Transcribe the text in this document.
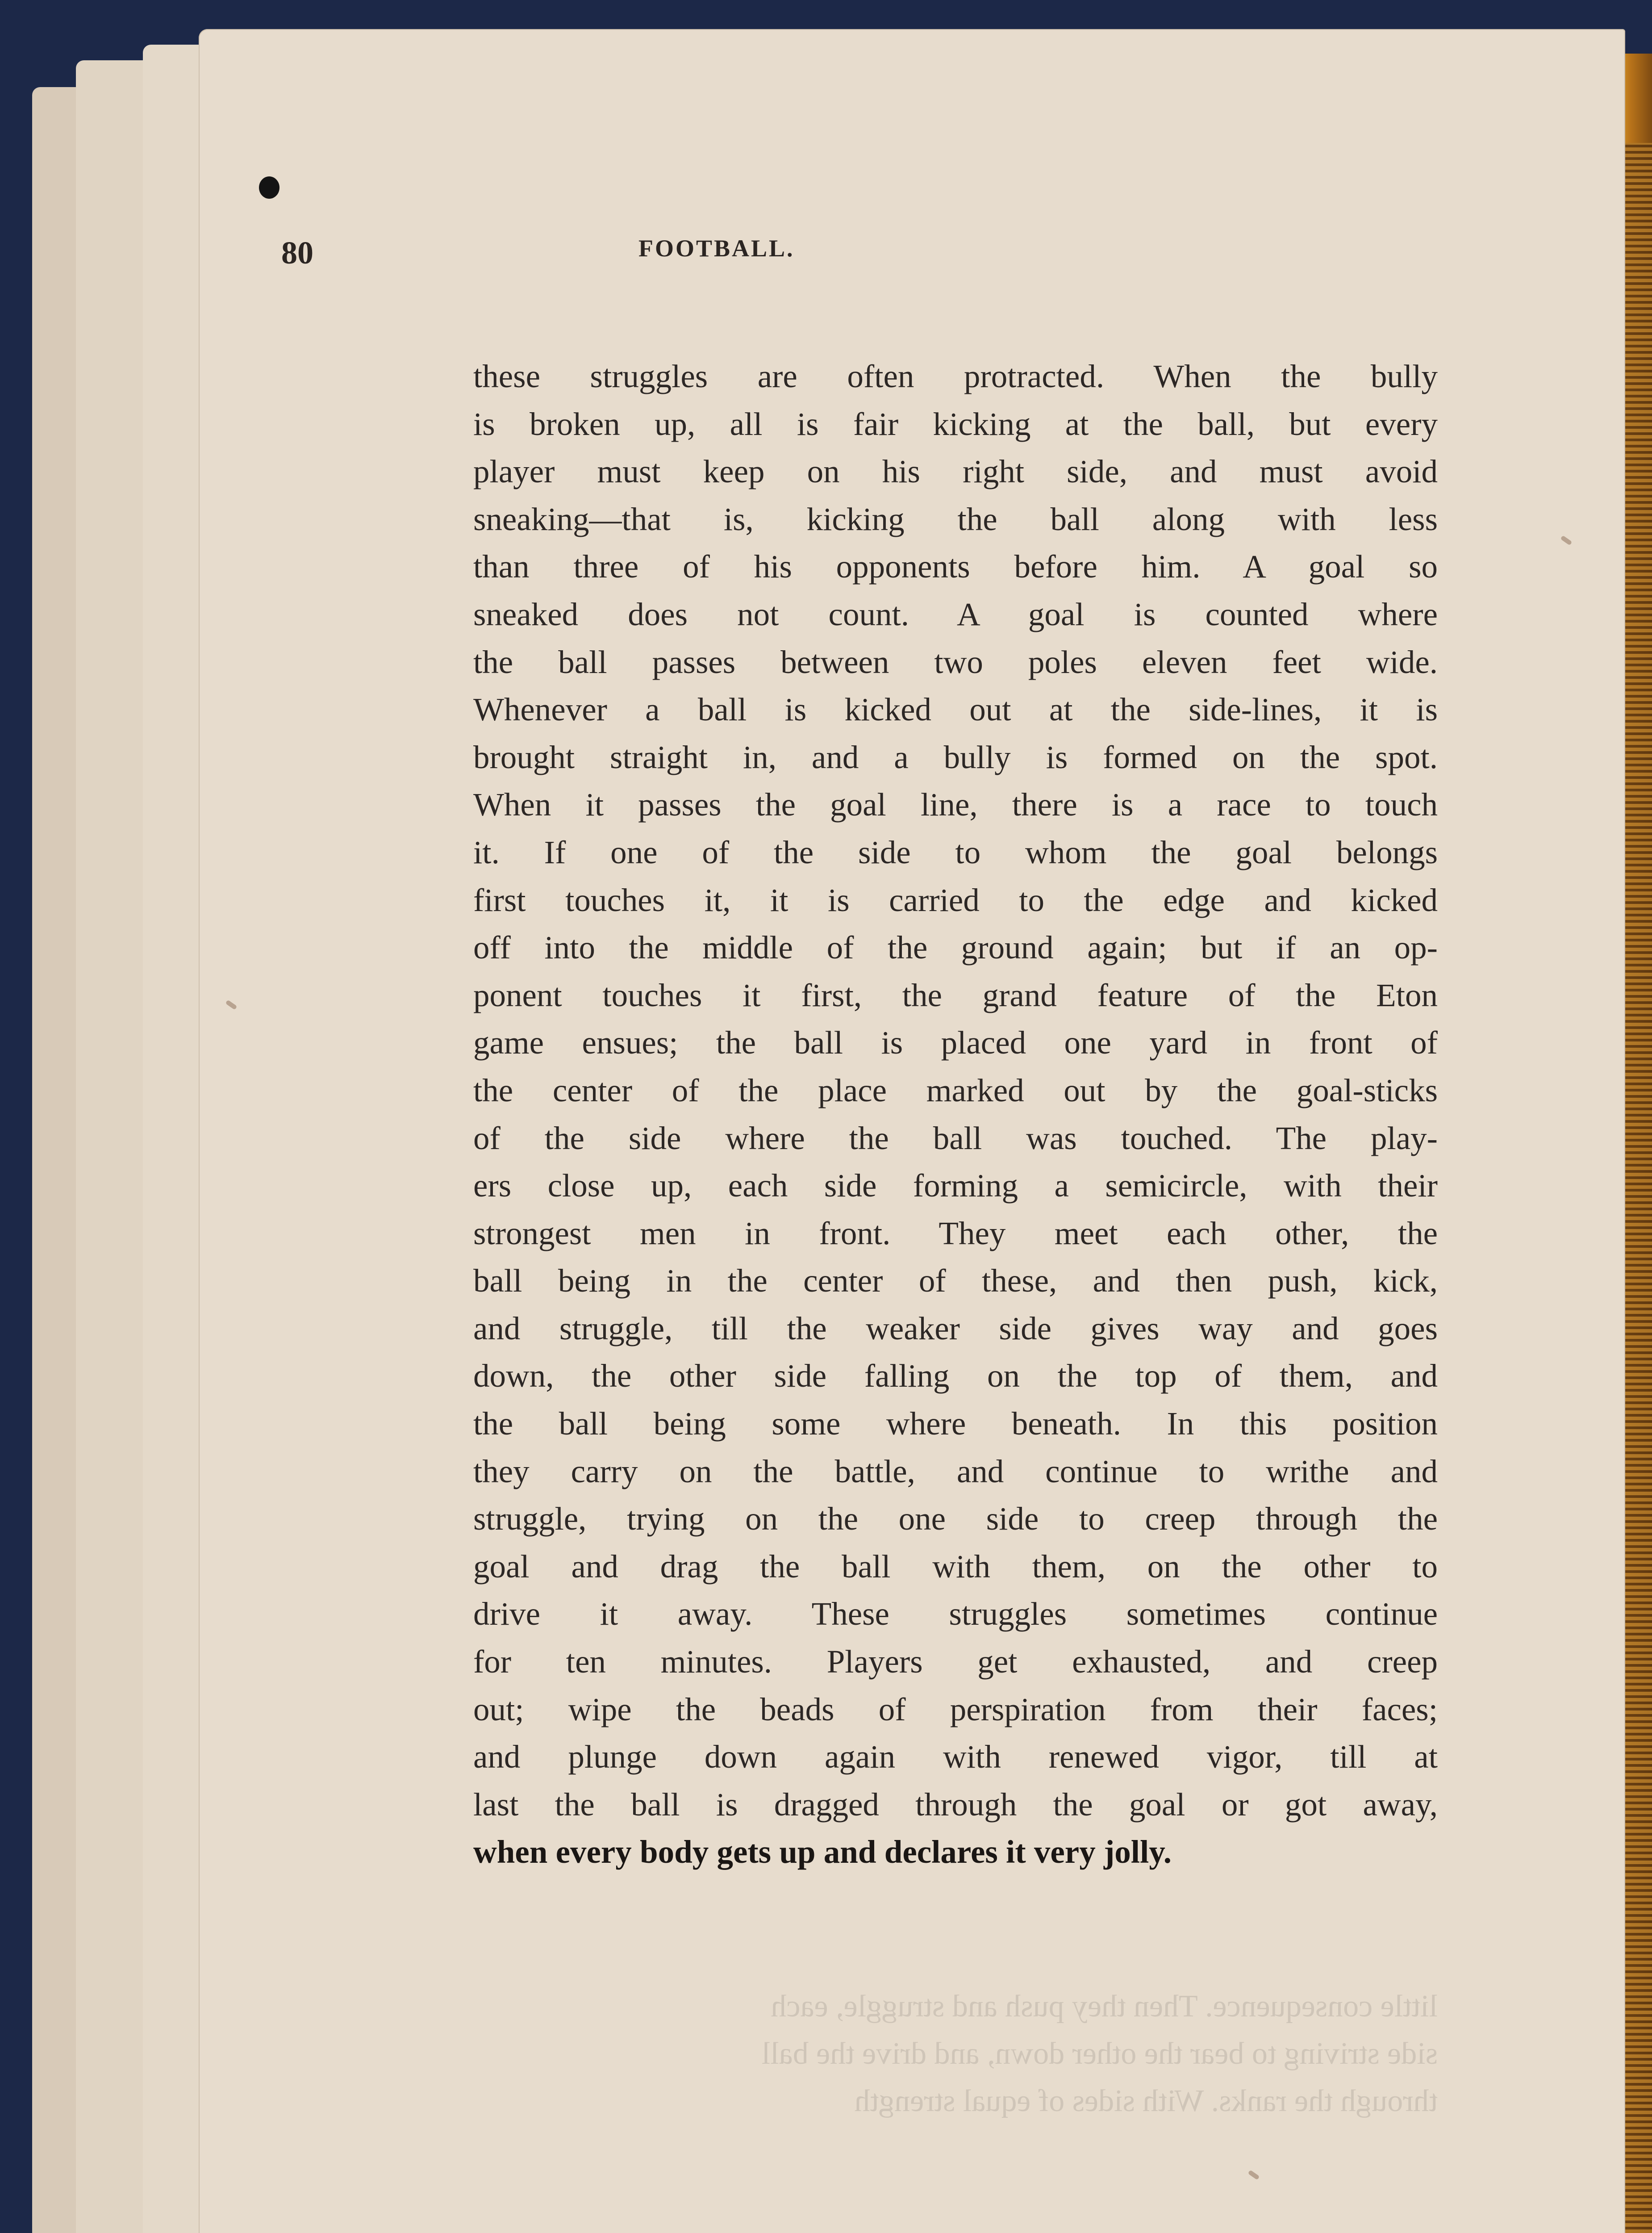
80	FOOTBALL.
these struggles are often protracted. When the bully
is broken up, all is fair kicking at the ball, but every
player must keep on his right side, and must avoid
sneaking—that is, kicking the ball along with less
than three of his opponents before him. A goal so
sneaked does not count. A goal is counted where
the ball passes between two poles eleven feet wide.
Whenever a ball is kicked out at the side-lines, it is
brought straight in, and a bully is formed on the spot.
When it passes the goal line, there is a race to touch
it. If one of the side to whom the goal belongs
first touches it, it is carried to the edge and kicked
off into the middle of the ground again; but if an op-
ponent touches it first, the grand feature of the Eton
game ensues; the ball is placed one yard in front of
the center of the place marked out by the goal-sticks
of the side where the ball was touched. The play-
ers close up, each side forming a semicircle, with their
strongest men in front. They meet each other, the
ball being in the center of these, and then push, kick,
and struggle, till the weaker side gives way and goes
down, the other side falling on the top of them, and
the ball being some where beneath. In this position
they carry on the battle, and continue to writhe and
struggle, trying on the one side to creep through the
goal and drag the ball with them, on the other to
drive it away. These struggles sometimes continue
for ten minutes. Players get exhausted, and creep
out; wipe the beads of perspiration from their faces;
and plunge down again with renewed vigor, till at
last the ball is dragged through the goal or got away,
when every body gets up and declares it very jolly.
little consequence. Then they push and struggle, each
side striving to bear the other down, and drive the ball
through the ranks. With sides of equal strength
